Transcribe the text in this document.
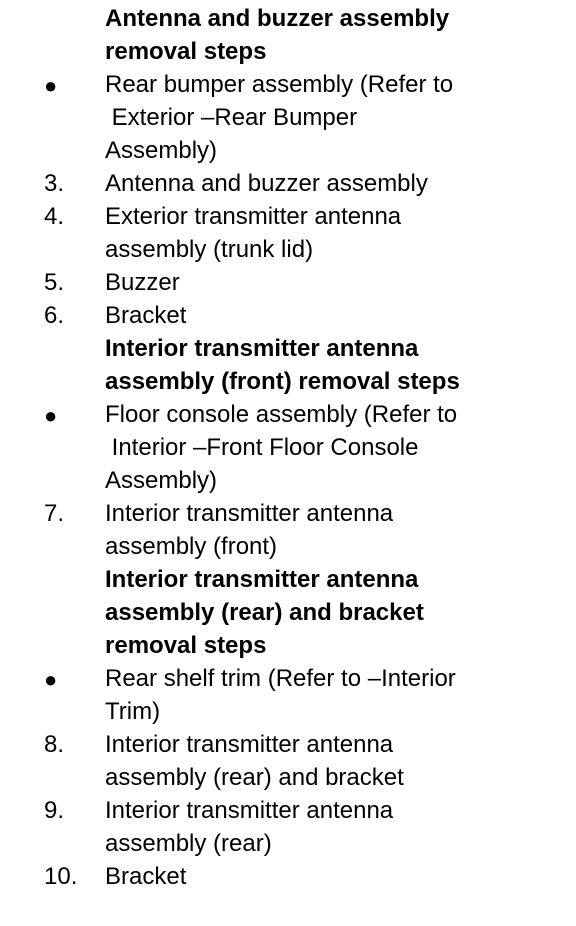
Antenna and buzzer assembly
removal steps
●	Rear bumper assembly (Refer to
Exterior –Rear Bumper
Assembly)
3.	Antenna and buzzer assembly
4.	Exterior transmitter antenna
assembly (trunk lid)
5.	Buzzer
6.	Bracket
Interior transmitter antenna
assembly (front) removal steps
●	Floor console assembly (Refer to
Interior –Front Floor Console
Assembly)
7.	Interior transmitter antenna
assembly (front)
Interior transmitter antenna
assembly (rear) and bracket
removal steps
●	Rear shelf trim (Refer to –Interior
Trim)
8.	Interior transmitter antenna
assembly (rear) and bracket
9.	Interior transmitter antenna
assembly (rear)
10.	Bracket
